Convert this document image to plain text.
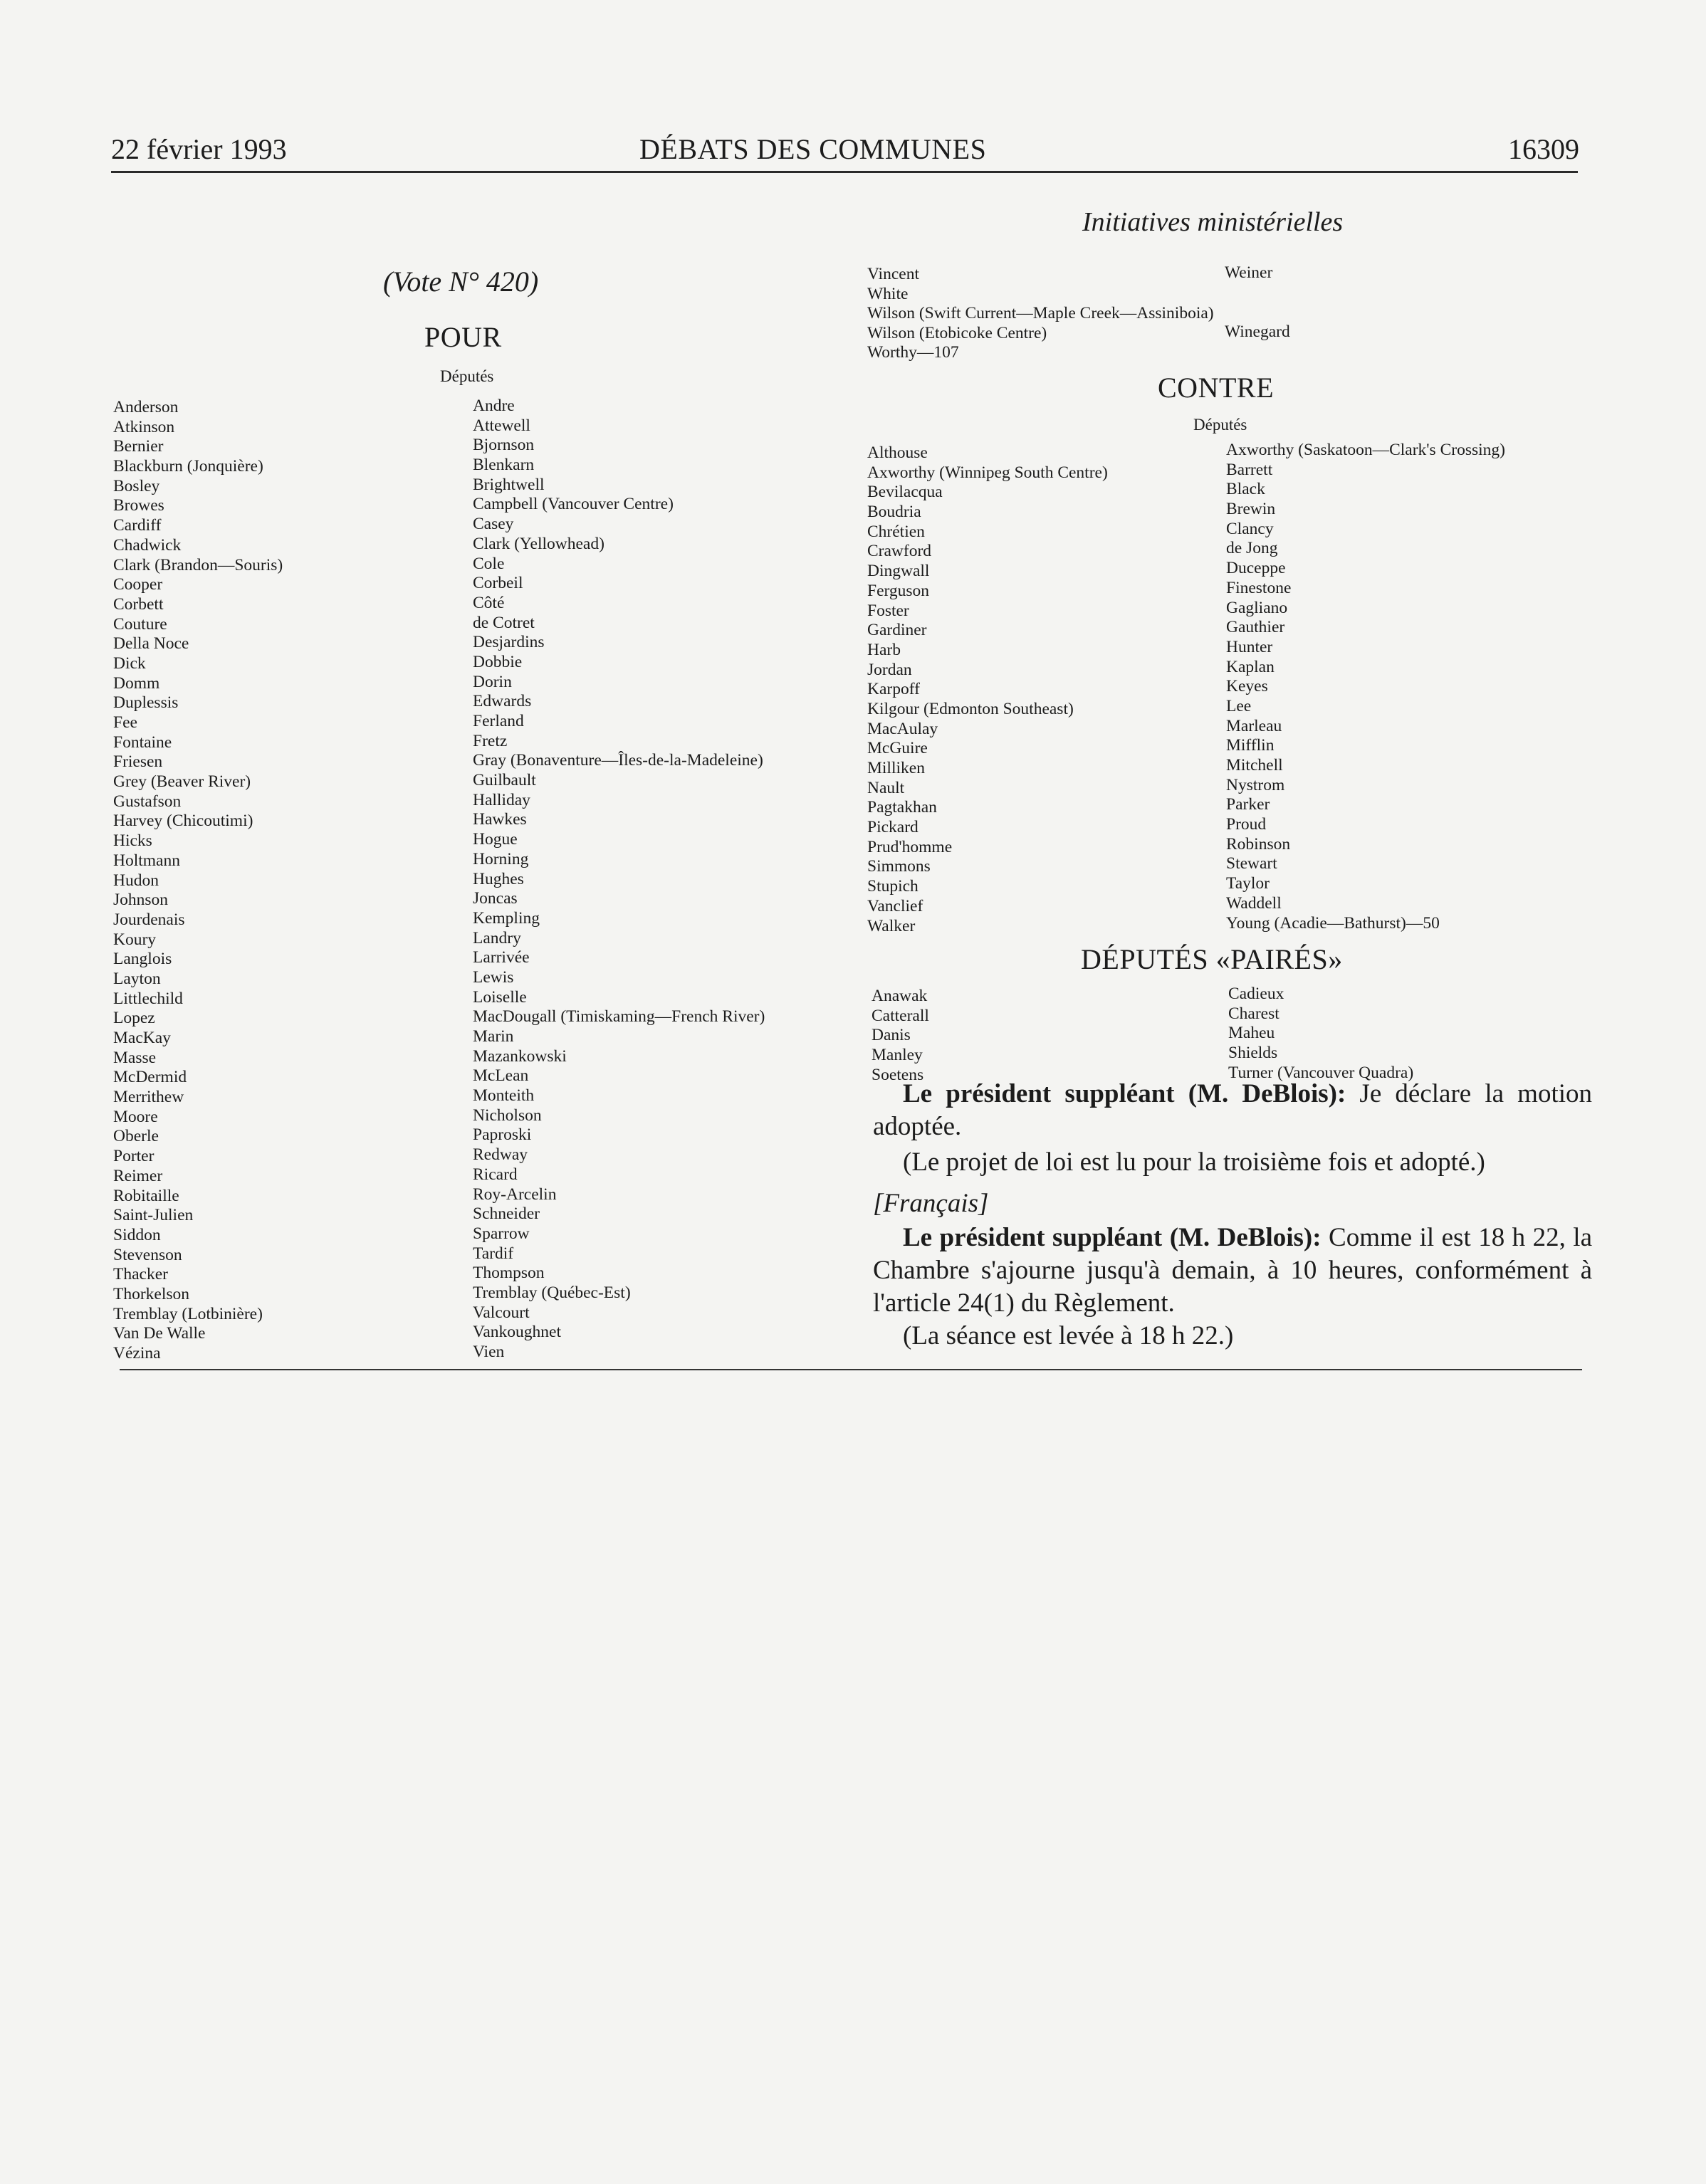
22 février 1993	DÉBATS DES COMMUNES	16309
Initiatives ministérielles
(Vote N° 420)
POUR
Députés
Anderson
Atkinson
Bernier
Blackburn (Jonquière)
Bosley
Browes
Cardiff
Chadwick
Clark (Brandon—Souris)
Cooper
Corbett
Couture
Della Noce
Dick
Domm
Duplessis
Fee
Fontaine
Friesen
Grey (Beaver River)
Gustafson
Harvey (Chicoutimi)
Hicks
Holtmann
Hudon
Johnson
Jourdenais
Koury
Langlois
Layton
Littlechild
Lopez
MacKay
Masse
McDermid
Merrithew
Moore
Oberle
Porter
Reimer
Robitaille
Saint-Julien
Siddon
Stevenson
Thacker
Thorkelson
Tremblay (Lotbinière)
Van De Walle
Vézina
Andre
Attewell
Bjornson
Blenkarn
Brightwell
Campbell (Vancouver Centre)
Casey
Clark (Yellowhead)
Cole
Corbeil
Côté
de Cotret
Desjardins
Dobbie
Dorin
Edwards
Ferland
Fretz
Gray (Bonaventure—Îles-de-la-Madeleine)
Guilbault
Halliday
Hawkes
Hogue
Horning
Hughes
Joncas
Kempling
Landry
Larrivée
Lewis
Loiselle
MacDougall (Timiskaming—French River)
Marin
Mazankowski
McLean
Monteith
Nicholson
Paproski
Redway
Ricard
Roy-Arcelin
Schneider
Sparrow
Tardif
Thompson
Tremblay (Québec-Est)
Valcourt
Vankoughnet
Vien
Vincent
White
Wilson (Swift Current—Maple Creek—Assiniboia)
Wilson (Etobicoke Centre)
Worthy—107
Weiner
Winegard
CONTRE
Députés
Althouse
Axworthy (Winnipeg South Centre)
Bevilacqua
Boudria
Chrétien
Crawford
Dingwall
Ferguson
Foster
Gardiner
Harb
Jordan
Karpoff
Kilgour (Edmonton Southeast)
MacAulay
McGuire
Milliken
Nault
Pagtakhan
Pickard
Prud'homme
Simmons
Stupich
Vanclief
Walker
Axworthy (Saskatoon—Clark's Crossing)
Barrett
Black
Brewin
Clancy
de Jong
Duceppe
Finestone
Gagliano
Gauthier
Hunter
Kaplan
Keyes
Lee
Marleau
Mifflin
Mitchell
Nystrom
Parker
Proud
Robinson
Stewart
Taylor
Waddell
Young (Acadie—Bathurst)—50
DÉPUTÉS «PAIRÉS»
Anawak
Catterall
Danis
Manley
Soetens
Cadieux
Charest
Maheu
Shields
Turner (Vancouver Quadra)
Le président suppléant (M. DeBlois): Je déclare la motion adoptée.
(Le projet de loi est lu pour la troisième fois et adopté.)
[Français]
Le président suppléant (M. DeBlois): Comme il est 18 h 22, la Chambre s'ajourne jusqu'à demain, à 10 heures, conformément à l'article 24(1) du Règlement.
(La séance est levée à 18 h 22.)
